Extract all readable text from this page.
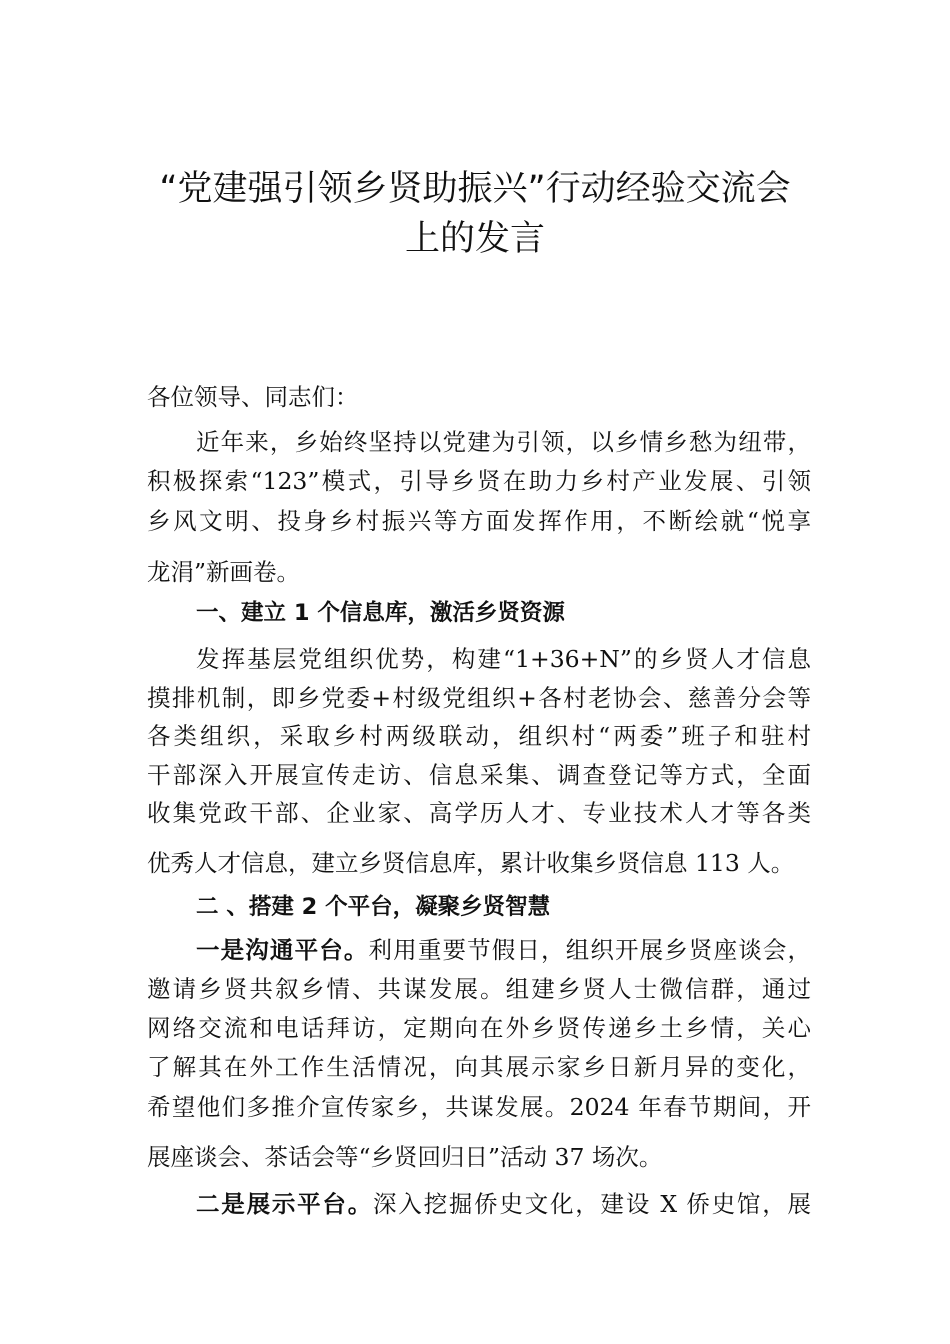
“党建强引领乡贤助振兴”行动经验交流会
上的发言
各位领导、同志们：
近年来，乡始终坚持以党建为引领，以乡情乡愁为纽带，
积极探索“123”模式，引导乡贤在助力乡村产业发展、引领
乡风文明、投身乡村振兴等方面发挥作用，不断绘就“悦享
龙涓”新画卷。
一、建立 1 个信息库，激活乡贤资源
发挥基层党组织优势，构建“1+36+N”的乡贤人才信息
摸排机制，即乡党委+村级党组织+各村老协会、慈善分会等
各类组织，采取乡村两级联动，组织村“两委”班子和驻村
干部深入开展宣传走访、信息采集、调查登记等方式，全面
收集党政干部、企业家、高学历人才、专业技术人才等各类
优秀人才信息，建立乡贤信息库，累计收集乡贤信息 113 人。
二 、搭建 2 个平台，凝聚乡贤智慧
一是沟通平台。利用重要节假日，组织开展乡贤座谈会，
邀请乡贤共叙乡情、共谋发展。组建乡贤人士微信群，通过
网络交流和电话拜访，定期向在外乡贤传递乡土乡情，关心
了解其在外工作生活情况，向其展示家乡日新月异的变化，
希望他们多推介宣传家乡，共谋发展。2024 年春节期间，开
展座谈会、茶话会等“乡贤回归日”活动 37 场次。
二是展示平台。深入挖掘侨史文化，建设 X 侨史馆，展
